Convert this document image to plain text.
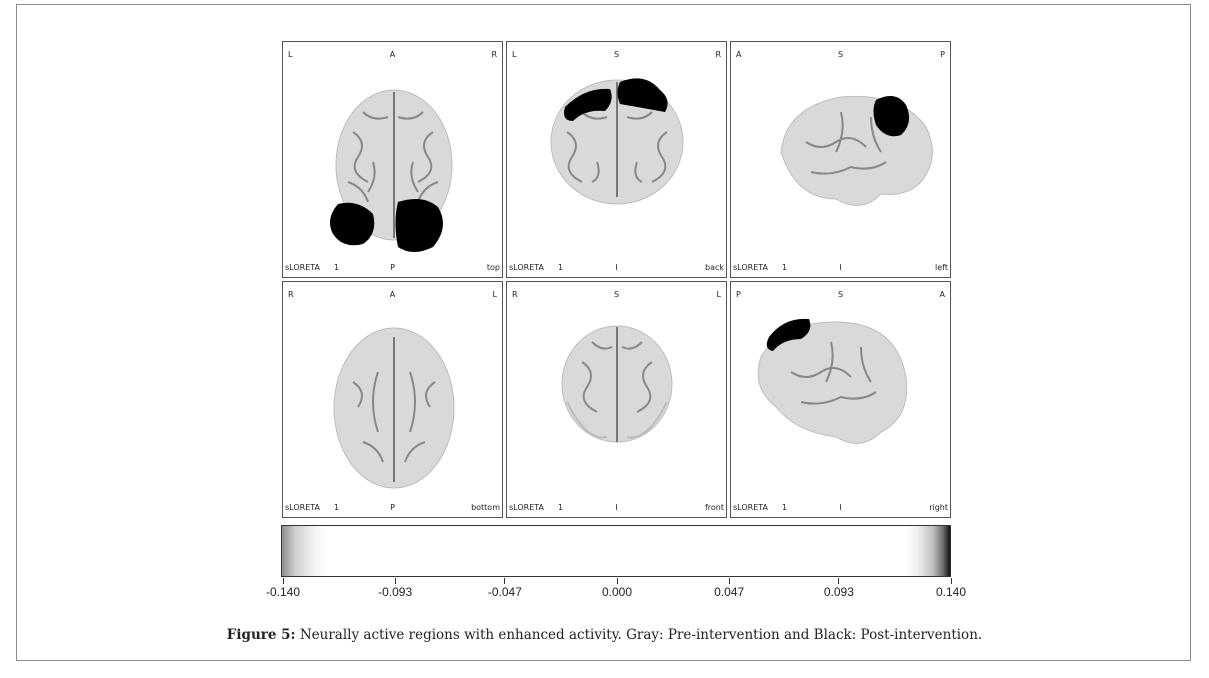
L	A	R
sLORETA 1	P	top
L	S	R
sLORETA 1	I	back
A	S	P
sLORETA 1	I	left
R	A	L
sLORETA 1	P	bottom
R	S	L
sLORETA 1	I	front
P	S	A
sLORETA 1	I	right
-0.140	-0.093	-0.047	0.000	0.047	0.093	0.140
Figure 5: Neurally active regions with enhanced activity. Gray: Pre-intervention and Black: Post-intervention.
